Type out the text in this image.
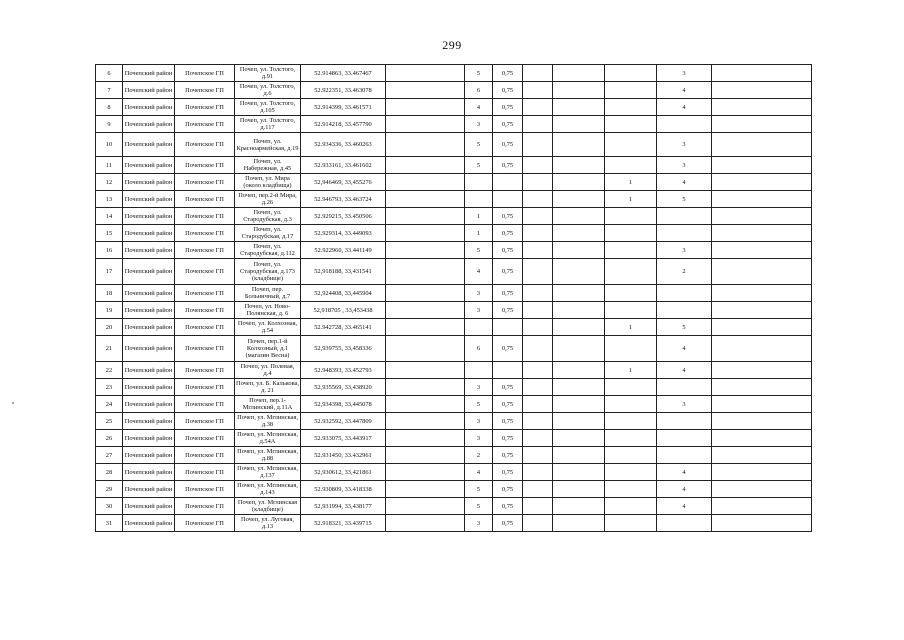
299
6	Почепский район	Почепское ГП	Почеп, ул. Толстого, д.91	52.914863, 33.467467		5	0,75				3	
7	Почепский район	Почепское ГП	Почеп, ул. Толстого, д.6	52.922351, 33.463078		6	0,75				4	
8	Почепский район	Почепское ГП	Почеп, ул. Толстого, д.105	52.914399, 33.461571		4	0,75				4	
9	Почепский район	Почепское ГП	Почеп, ул. Толстого, д.117	52.914218, 33.457790		3	0,75					
10	Почепский район	Почепское ГП	Почеп, ул. Красноармейская, д.19	52.934336, 33.460263		5	0,75				3	
11	Почепский район	Почепское ГП	Почеп, ул. Набережная, д.45	52.933161, 33.461602		5	0,75				3	
12	Почепский район	Почепское ГП	Почеп, ул. Мира (около кладбища)	52,946469, 33,455276						1	4	
13	Почепский район	Почепское ГП	Почеп, пер.2-й Мира, д.26	52.946793, 33.463724						1	5	
14	Почепский район	Почепское ГП	Почеп, ул. Стародубская, д.3	52.929215, 33.450506		1	0,75					
15	Почепский район	Почепское ГП	Почеп, ул. Стародубская, д.17	52.929314, 33.449093		1	0,75					
16	Почепский район	Почепское ГП	Почеп, ул. Стародубская, д.112	52.922960, 33.441149		5	0,75				3	
17	Почепский район	Почепское ГП	Почеп, ул. Стародубская, д.173 (кладбище)	52,918188, 33,431541		4	0,75				2	
18	Почепский район	Почепское ГП	Почеп, пер. Больничный, д.7	52,924408, 33,445904		3	0,75					
19	Почепский район	Почепское ГП	Почеп, ул. Ново-Полянская, д. 6	52,918705 , 33,453438		3	0,75					
20	Почепский район	Почепское ГП	Почеп, ул. Колхозная, д.54	52.942728, 33.465141						1	5	
21	Почепский район	Почепское ГП	Почеп, пер.1-й Колхозный, д.1 (магазин Весна)	52,939755, 33,458336		6	0,75				4	
22	Почепский район	Почепское ГП	Почеп, ул. Полевая, д.4	52.948393, 33.452793						1	4	
23	Почепский район	Почепское ГП	Почеп, ул. Б. Калькова, д. 21	52,935569, 33,438920		3	0,75					
24	Почепский район	Почепское ГП	Почеп, пер.1-Мглинский, д.11А	52,934398, 33,445078		5	0,75				3	
25	Почепский район	Почепское ГП	Почеп, ул. Мглинская, д.38	52.932592, 33.447809		3	0,75					
26	Почепский район	Почепское ГП	Почеп, ул. Мглинская, д.54А	52.933075, 33.443917		3	0,75					
27	Почепский район	Почепское ГП	Почеп, ул. Мглинская, д.88	52.931450, 33.432961		2	0,75					
28	Почепский район	Почепское ГП	Почеп, ул. Мглинская, д.137	52,930612, 33,421861		4	0,75				4	
29	Почепский район	Почепское ГП	Почеп, ул. Мглинская, д.143	52.930809, 33.418338		5	0,75				4	
30	Почепский район	Почепское ГП	Почеп, ул. Мглинская (кладбище)	52,931994, 33,438177		5	0,75				4	
31	Почепский район	Почепское ГП	Почеп, ул. Луговая, д.13	52.918321, 33.439715		3	0,75					
